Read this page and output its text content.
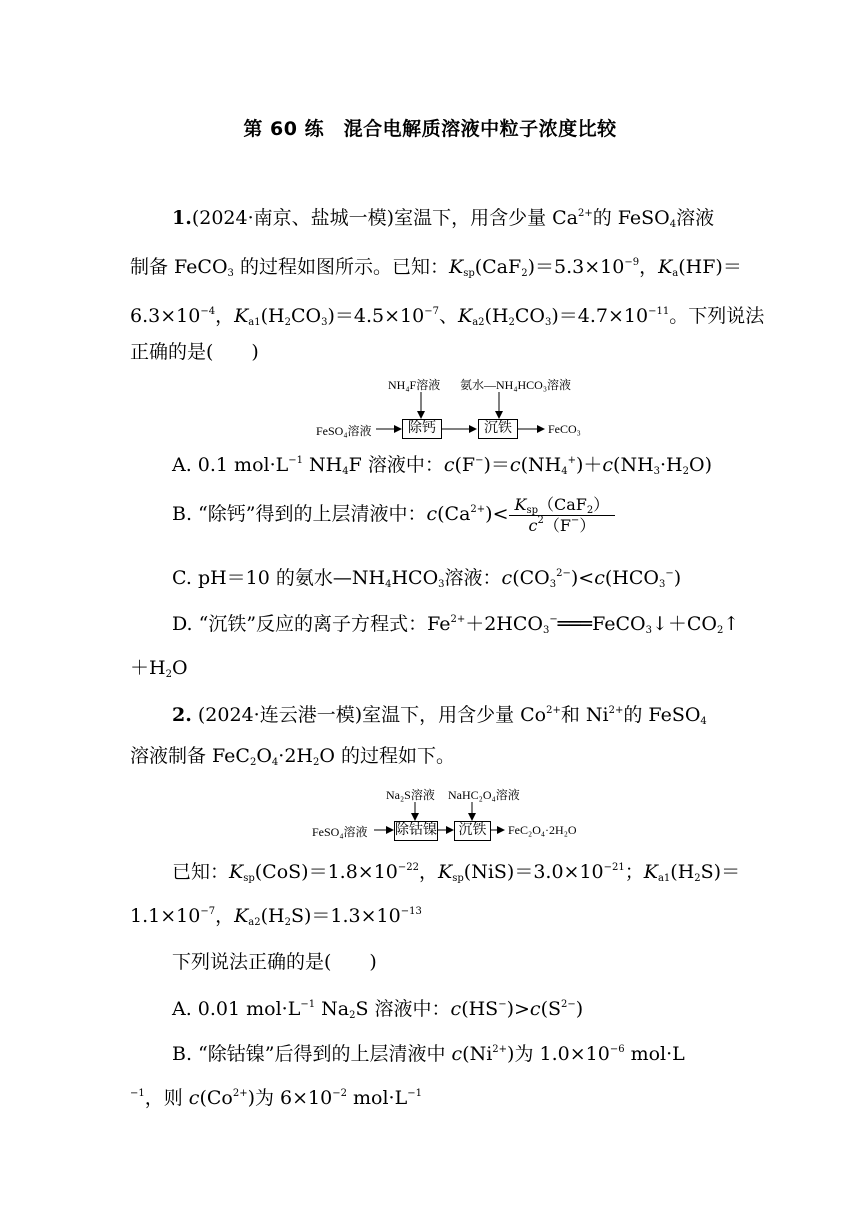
第 60 练　混合电解质溶液中粒子浓度比较
1.(2024·南京、盐城一模)室温下，用含少量 $Ca^{2+}$的 FeSO$_4$溶液
制备 FeCO$_3$ 的过程如图所示。已知：$K_{sp}(CaF_2)=5.3\times 10^{-9}$，$K_a(HF)=$
$6.3\times 10^{-4}$，$K_{a1}(H_2CO_3)=4.5\times 10^{-7}$、$K_{a2}(H_2CO_3)=4.7\times 10^{-11}$。下列说法
正确的是(　　)
NH₄F溶液 氨水—NH₄HCO₃溶液
FeSO₄溶液	除钙	沉铁	FeCO₃
A. 0.1 $mol\cdot L^{-1}$ $NH_4F$ 溶液中：$c(F^-)=c(NH_4^+)+c(NH_3\cdot H_2O)$
B. “除钙”得到的上层清液中：$c(Ca^{2+})< \frac{K_{sp}(CaF_2)}{c^2(F^-)}$
C. pH＝10 的氨水$—NH_4HCO_3$溶液：$c(CO_3^{2-})<c(HCO_3^-)$
D. “沉铁”反应的离子方程式：$Fe^{2+}+2HCO_3^-═══FeCO_3↓+CO_2↑$
$+H_2O$
2. (2024·连云港一模)室温下，用含少量 $Co^{2+}$和 $Ni^{2+}$的 FeSO$_4$
溶液制备 $FeC_2O_4\cdot 2H_2O$ 的过程如下。
Na₂S溶液 NaHC₂O₄溶液
FeSO₄溶液 除钴镍	沉铁	FeC₂O₄·2H₂O
已知：$K_{sp}(CoS)=1.8\times 10^{-22}$，$K_{sp}(NiS)=3.0\times 10^{-21}$；$K_{a1}(H_2S)=$
$1.1\times 10^{-7}$，$K_{a2}(H_2S)=1.3\times 10^{-13}$
下列说法正确的是(　　)
A. 0.01 $mol\cdot L^{-1}$ $Na_2S$ 溶液中：$c(HS^-)>c(S^{2-})$
B. “除钴镍”后得到的上层清液中 $c(Ni^{2+})$为 $1.0\times 10^{-6}$ mol·L
$^{-1}$，则 $c(Co^{2+})$为 $6\times 10^{-2}$ $mol\cdot L^{-1}$
